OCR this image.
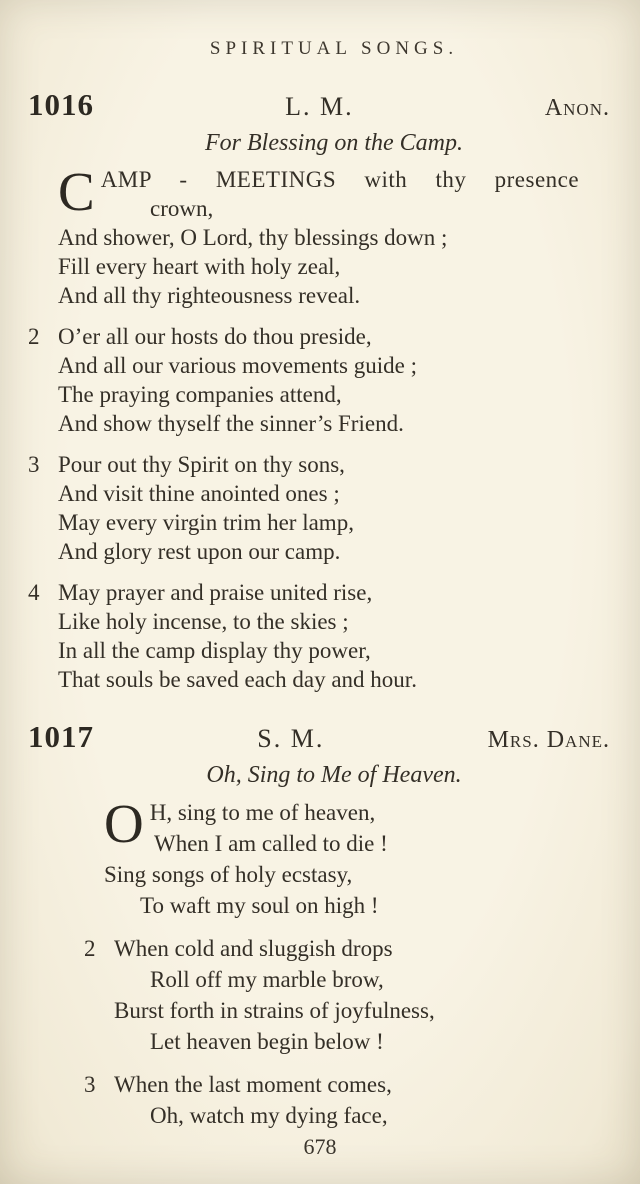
SPIRITUAL SONGS.
1016	L. M.	Anon.
For Blessing on the Camp.
C AMP - MEETINGS with thy presence
crown,
And shower, O Lord, thy blessings down ;
Fill every heart with holy zeal,
And all thy righteousness reveal.
2 O’er all our hosts do thou preside,
And all our various movements guide ;
The praying companies attend,
And show thyself the sinner’s Friend.
3 Pour out thy Spirit on thy sons,
And visit thine anointed ones ;
May every virgin trim her lamp,
And glory rest upon our camp.
4 May prayer and praise united rise,
Like holy incense, to the skies ;
In all the camp display thy power,
That souls be saved each day and hour.
1017	S. M.	Mrs. Dane.
Oh, Sing to Me of Heaven.
O H, sing to me of heaven,
When I am called to die !
Sing songs of holy ecstasy,
To waft my soul on high !
2 When cold and sluggish drops
Roll off my marble brow,
Burst forth in strains of joyfulness,
Let heaven begin below !
3 When the last moment comes,
Oh, watch my dying face,
678
